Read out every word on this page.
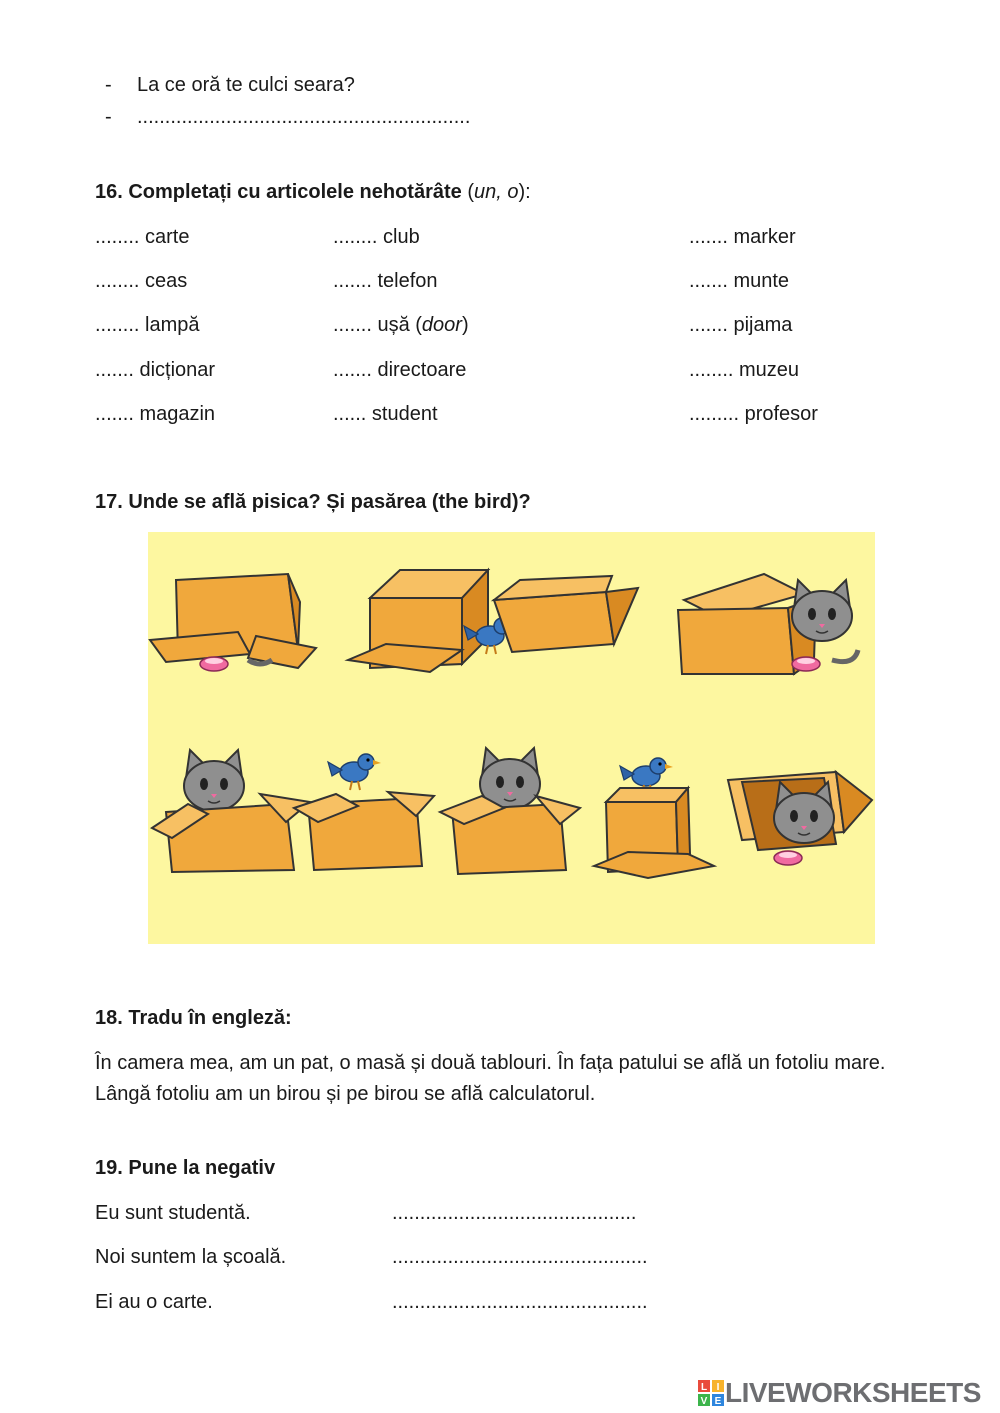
- La ce oră te culci seara?
- ............................................................
16. Completați cu articolele nehotărâte (un, o):
........ carte	........ club	....... marker
........ ceas	....... telefon	....... munte
........ lampă	....... ușă (door)	....... pijama
....... dicționar	....... directoare	........ muzeu
....... magazin	...... student	......... profesor
17. Unde se află pisica? Și pasărea (the bird)?
18. Tradu în engleză:
În camera mea, am un pat, o masă și două tablouri. În fața patului se află un fotoliu mare.
Lângă fotoliu am un birou și pe birou se află calculatorul.
19. Pune la negativ
Eu sunt studentă.	............................................
Noi suntem la școală.	..............................................
Ei au o carte.	..............................................
L I
V E LIVEWORKSHEETS
